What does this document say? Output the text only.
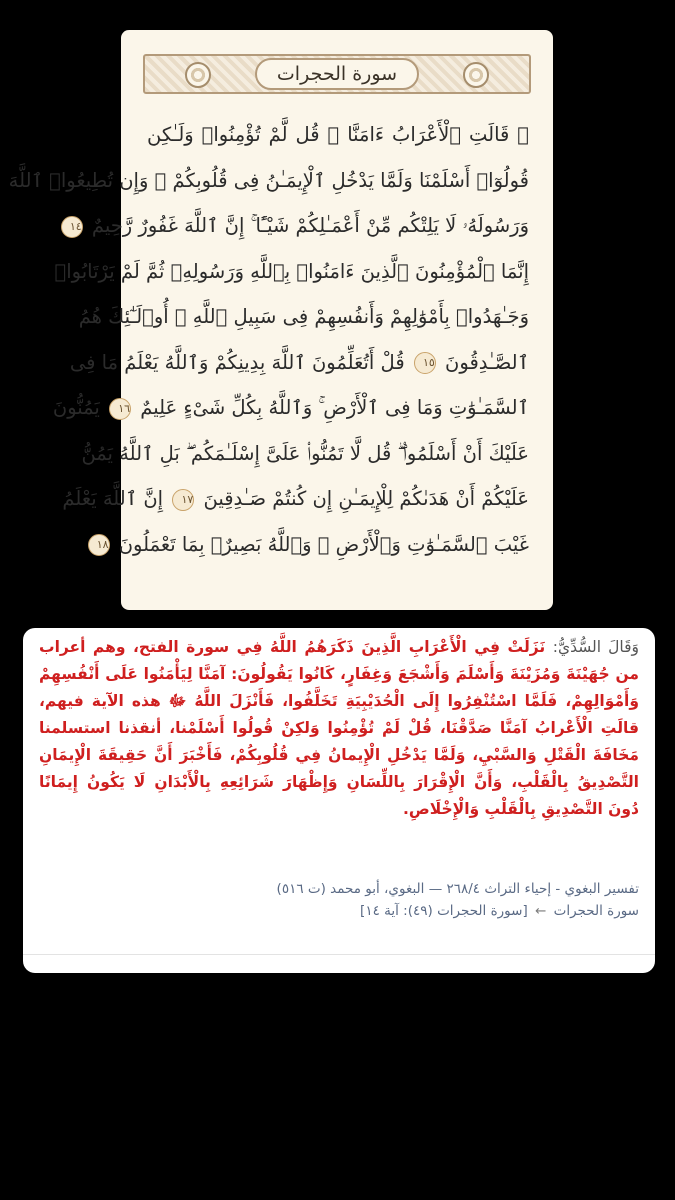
سورة الحجرات
۞ قَالَتِ ٱلْأَعْرَابُ ءَامَنَّا ۖ قُل لَّمْ تُؤْمِنُوا۟ وَلَـٰكِن
قُولُوٓا۟ أَسْلَمْنَا وَلَمَّا يَدْخُلِ ٱلْإِيمَـٰنُ فِى قُلُوبِكُمْ ۖ وَإِن تُطِيعُوا۟ ٱللَّهَ
وَرَسُولَهُۥ لَا يَلِتْكُم مِّنْ أَعْمَـٰلِكُمْ شَيْـًٔا ۚ إِنَّ ٱللَّهَ غَفُورٌ رَّحِيمٌ ١٤
إِنَّمَا ٱلْمُؤْمِنُونَ ٱلَّذِينَ ءَامَنُوا۟ بِٱللَّهِ وَرَسُولِهِۦ ثُمَّ لَمْ يَرْتَابُوا۟
وَجَـٰهَدُوا۟ بِأَمْوَٰلِهِمْ وَأَنفُسِهِمْ فِى سَبِيلِ ٱللَّهِ ۚ أُو۟لَـٰٓئِكَ هُمُ
ٱلصَّـٰدِقُونَ ١٥ قُلْ أَتُعَلِّمُونَ ٱللَّهَ بِدِينِكُمْ وَٱللَّهُ يَعْلَمُ مَا فِى
ٱلسَّمَـٰوَٰتِ وَمَا فِى ٱلْأَرْضِ ۚ وَٱللَّهُ بِكُلِّ شَىْءٍ عَلِيمٌ ١٦ يَمُنُّونَ
عَلَيْكَ أَنْ أَسْلَمُوا۟ ۖ قُل لَّا تَمُنُّوا۟ عَلَىَّ إِسْلَـٰمَكُم ۖ بَلِ ٱللَّهُ يَمُنُّ
عَلَيْكُمْ أَنْ هَدَىٰكُمْ لِلْإِيمَـٰنِ إِن كُنتُمْ صَـٰدِقِينَ ١٧ إِنَّ ٱللَّهَ يَعْلَمُ
غَيْبَ ٱلسَّمَـٰوَٰتِ وَٱلْأَرْضِ ۚ وَٱللَّهُ بَصِيرٌۢ بِمَا تَعْمَلُونَ ١٨
وَقَالَ السُّدِّيُّ: نَزَلَتْ فِي الْأَعْرَابِ الَّذِينَ ذَكَرَهُمُ اللَّهُ فِي سورة الفتح، وهم أعراب من جُهَيْنَةَ وَمُزَيْنَةَ وَأَسْلَمَ وَأَشْجَعَ وَغِفَارٍ، كَانُوا يَقُولُونَ: آمَنَّا لِيَأْمَنُوا عَلَى أَنْفُسِهِمْ وَأَمْوَالِهِمْ، فَلَمَّا اسْتُنْفِرُوا إِلَى الْحُدَيْبِيَةِ تَخَلَّفُوا، فَأَنْزَلَ اللَّهُ ﷻ هذه الآية فيهم، قالَتِ الْأَعْرابُ آمَنَّا صَدَّقْنَا، قُلْ لَمْ تُؤْمِنُوا وَلكِنْ قُولُوا أَسْلَمْنا، أنقذنا استسلمنا مَخَافَةَ الْقَتْلِ وَالسَّبْيِ، وَلَمَّا يَدْخُلِ الْإِيمانُ فِي قُلُوبِكُمْ، فَأَخْبَرَ أَنَّ حَقِيقَةَ الْإِيمَانِ التَّصْدِيقُ بِالْقَلْبِ، وَأَنَّ الْإِقْرَارَ بِاللِّسَانِ وَإِظْهَارَ شَرَائِعِهِ بِالْأَبْدَانِ لَا يَكُونُ إِيمَانًا دُونَ التَّصْدِيقِ بِالْقَلْبِ وَالْإِخْلَاصِ.
تفسير البغوي - إحياء التراث ٢٦٨/٤ — البغوي، أبو محمد (ت ٥١٦)
سورة الحجرات ← [سورة الحجرات (٤٩): آية ١٤]
